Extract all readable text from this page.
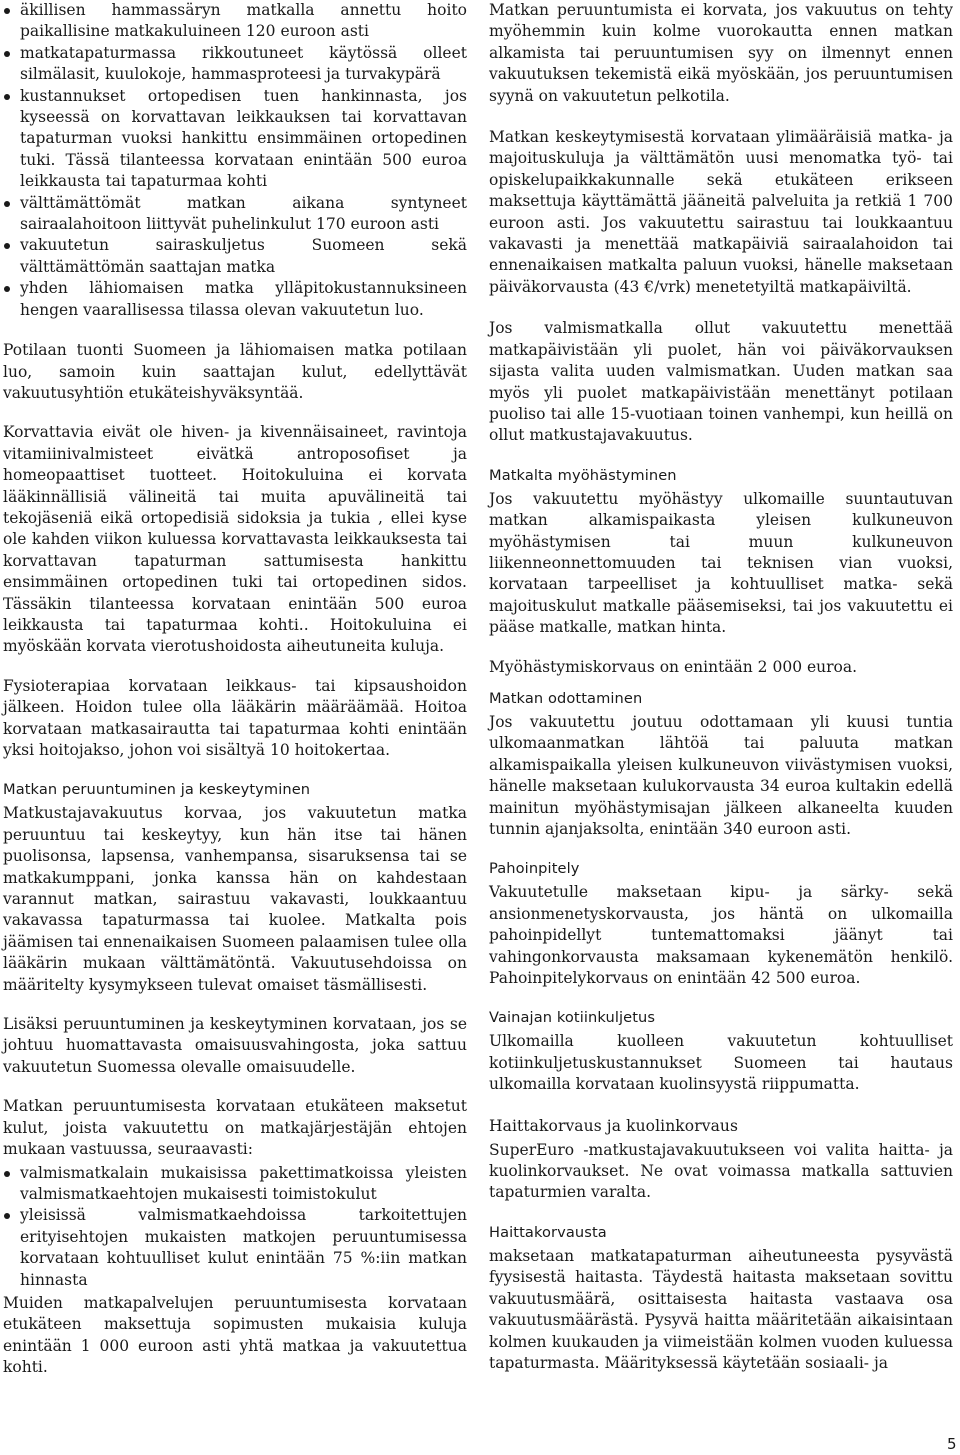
äkillisen hammassäryn matkalla annettu hoito paikallisine matkakuluineen 120 euroon asti
matkatapaturmassa rikkoutuneet käytössä olleet silmälasit, kuulokoje, hammasproteesi ja turvakypärä
kustannukset ortopedisen tuen hankinnasta, jos kyseessä on korvattavan leikkauksen tai korvattavan tapaturman vuoksi hankittu ensimmäinen ortopedinen tuki. Tässä tilanteessa korvataan enintään 500 euroa leikkausta tai tapaturmaa kohti
välttämättömät matkan aikana syntyneet sairaalahoitoon liittyvät puhelinkulut 170 euroon asti
vakuutetun sairaskuljetus Suomeen sekä välttämättömän saattajan matka
yhden lähiomaisen matka ylläpitokustannuksineen hengen vaarallisessa tilassa olevan vakuutetun luo.

Potilaan tuonti Suomeen ja lähiomaisen matka potilaan luo, samoin kuin saattajan kulut, edellyttävät vakuutusyhtiön etukäteishyväksyntää.

Korvattavia eivät ole hiven- ja kivennäisaineet, ravintoja vitamiinivalmisteet eivätkä antroposofiset ja homeopaattiset tuotteet. Hoitokuluina ei korvata lääkinnällisiä välineitä tai muita apuvälineitä tai tekojäseniä eikä ortopedisiä sidoksia ja tukia , ellei kyse ole kahden viikon kuluessa korvattavasta leikkauksesta tai korvattavan tapaturman sattumisesta hankittu ensimmäinen ortopedinen tuki tai ortopedinen sidos. Tässäkin tilanteessa korvataan enintään 500 euroa leikkausta tai tapaturmaa kohti.. Hoitokuluina ei myöskään korvata vierotushoidosta aiheutuneita kuluja.

Fysioterapiaa korvataan leikkaus- tai kipsaushoidon jälkeen. Hoidon tulee olla lääkärin määräämää. Hoitoa korvataan matkasairautta tai tapaturmaa kohti enintään yksi hoitojakso, johon voi sisältyä 10 hoitokertaa.

Matkan peruuntuminen ja keskeytyminen

Matkustajavakuutus korvaa, jos vakuutetun matka peruuntuu tai keskeytyy, kun hän itse tai hänen puolisonsa, lapsensa, vanhempansa, sisaruksensa tai se matkakumppani, jonka kanssa hän on kahdestaan varannut matkan, sairastuu vakavasti, loukkaantuu vakavassa tapaturmassa tai kuolee. Matkalta pois jäämisen tai ennenaikaisen Suomeen palaamisen tulee olla lääkärin mukaan välttämätöntä. Vakuutusehdoissa on määritelty kysymykseen tulevat omaiset täsmällisesti.

Lisäksi peruuntuminen ja keskeytyminen korvataan, jos se johtuu huomattavasta omaisuusvahingosta, joka sattuu vakuutetun Suomessa olevalle omaisuudelle.

Matkan peruuntumisesta korvataan etukäteen maksetut kulut, joista vakuutettu on matkajärjestäjän ehtojen mukaan vastuussa, seuraavasti:

valmismatkalain mukaisissa pakettimatkoissa yleisten valmismatkaehtojen mukaisesti toimistokulut
yleisissä valmismatkaehdoissa tarkoitettujen erityisehtojen mukaisten matkojen peruuntumisessa korvataan kohtuulliset kulut enintään 75 %:iin matkan hinnasta

Muiden matkapalvelujen peruuntumisesta korvataan etukäteen maksettuja sopimusten mukaisia kuluja enintään 1 000 euroon asti yhtä matkaa ja vakuutettua kohti.

Matkan peruuntumista ei korvata, jos vakuutus on tehty myöhemmin kuin kolme vuorokautta ennen matkan alkamista tai peruuntumisen syy on ilmennyt ennen vakuutuksen tekemistä eikä myöskään, jos peruuntumisen syynä on vakuutetun pelkotila.

Matkan keskeytymisestä korvataan ylimääräisiä matka- ja majoituskuluja ja välttämätön uusi menomatka työ- tai opiskelupaikkakunnalle sekä etukäteen erikseen maksettuja käyttämättä jääneitä palveluita ja retkiä 1 700 euroon asti. Jos vakuutettu sairastuu tai loukkaantuu vakavasti ja menettää matkapäiviä sairaalahoidon tai ennenaikaisen matkalta paluun vuoksi, hänelle maksetaan päiväkorvausta (43 €/vrk) menetetyiltä matkapäiviltä.

Jos valmismatkalla ollut vakuutettu menettää matkapäivistään yli puolet, hän voi päiväkorvauksen sijasta valita uuden valmismatkan. Uuden matkan saa myös yli puolet matkapäivistään menettänyt potilaan puoliso tai alle 15-vuotiaan toinen vanhempi, kun heillä on ollut matkustajavakuutus.

Matkalta myöhästyminen

Jos vakuutettu myöhästyy ulkomaille suuntautuvan matkan alkamispaikasta yleisen kulkuneuvon myöhästymisen tai muun kulkuneuvon liikenneonnettomuuden tai teknisen vian vuoksi, korvataan tarpeelliset ja kohtuulliset matka- sekä majoituskulut matkalle pääsemiseksi, tai jos vakuutettu ei pääse matkalle, matkan hinta.

Myöhästymiskorvaus on enintään 2 000 euroa.

Matkan odottaminen

Jos vakuutettu joutuu odottamaan yli kuusi tuntia ulkomaanmatkan lähtöä tai paluuta matkan alkamispaikalla yleisen kulkuneuvon viivästymisen vuoksi, hänelle maksetaan kulukorvausta 34 euroa kultakin edellä mainitun myöhästymisajan jälkeen alkaneelta kuuden tunnin ajanjaksolta, enintään 340 euroon asti.

Pahoinpitely

Vakuutetulle maksetaan kipu- ja särky- sekä ansionmenetyskorvausta, jos häntä on ulkomailla pahoinpidellyt tuntemattomaksi jäänyt tai vahingonkorvausta maksamaan kykenemätön henkilö. Pahoinpitelykorvaus on enintään 42 500 euroa.

Vainajan kotiinkuljetus

Ulkomailla kuolleen vakuutetun kohtuulliset kotiinkuljetuskustannukset Suomeen tai hautaus ulkomailla korvataan kuolinsyystä riippumatta.

Haittakorvaus ja kuolinkorvaus

SuperEuro -matkustajavakuutukseen voi valita haitta- ja kuolinkorvaukset. Ne ovat voimassa matkalla sattuvien tapaturmien varalta.

Haittakorvausta

maksetaan matkatapaturman aiheutuneesta pysyvästä fyysisestä haitasta. Täydestä haitasta maksetaan sovittu vakuutusmäärä, osittaisesta haitasta vastaava osa vakuutusmäärästä. Pysyvä haitta määritetään aikaisintaan kolmen kuukauden ja viimeistään kolmen vuoden kuluessa tapaturmasta. Määrityksessä käytetään sosiaali- ja

5
